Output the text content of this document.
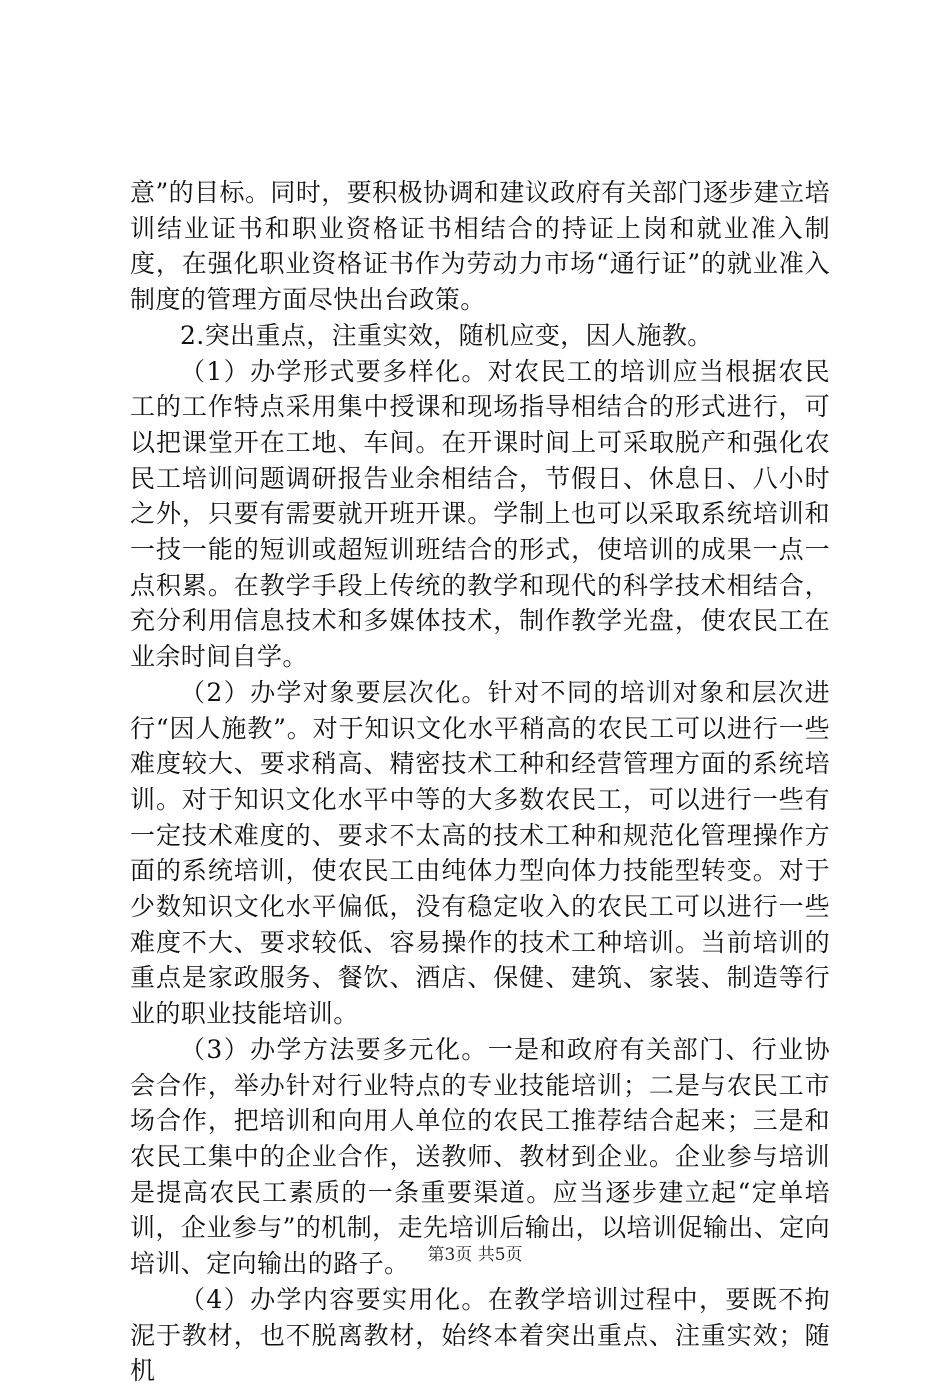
意”的目标。同时，要积极协调和建议政府有关部门逐步建立培训结业证书和职业资格证书相结合的持证上岗和就业准入制度，在强化职业资格证书作为劳动力市场“通行证”的就业准入制度的管理方面尽快出台政策。

2.突出重点，注重实效，随机应变，因人施教。

（1）办学形式要多样化。对农民工的培训应当根据农民工的工作特点采用集中授课和现场指导相结合的形式进行，可以把课堂开在工地、车间。在开课时间上可采取脱产和强化农民工培训问题调研报告业余相结合，节假日、休息日、八小时之外，只要有需要就开班开课。学制上也可以采取系统培训和一技一能的短训或超短训班结合的形式，使培训的成果一点一点积累。在教学手段上传统的教学和现代的科学技术相结合，充分利用信息技术和多媒体技术，制作教学光盘，使农民工在业余时间自学。

（2）办学对象要层次化。针对不同的培训对象和层次进行“因人施教”。对于知识文化水平稍高的农民工可以进行一些难度较大、要求稍高、精密技术工种和经营管理方面的系统培训。对于知识文化水平中等的大多数农民工，可以进行一些有一定技术难度的、要求不太高的技术工种和规范化管理操作方面的系统培训，使农民工由纯体力型向体力技能型转变。对于少数知识文化水平偏低，没有稳定收入的农民工可以进行一些难度不大、要求较低、容易操作的技术工种培训。当前培训的重点是家政服务、餐饮、酒店、保健、建筑、家装、制造等行业的职业技能培训。

（3）办学方法要多元化。一是和政府有关部门、行业协会合作，举办针对行业特点的专业技能培训；二是与农民工市场合作，把培训和向用人单位的农民工推荐结合起来；三是和农民工集中的企业合作，送教师、教材到企业。企业参与培训是提高农民工素质的一条重要渠道。应当逐步建立起“定单培训，企业参与”的机制，走先培训后输出，以培训促输出、定向培训、定向输出的路子。

（4）办学内容要实用化。在教学培训过程中，要既不拘泥于教材，也不脱离教材，始终本着突出重点、注重实效；随机

第3页 共5页
